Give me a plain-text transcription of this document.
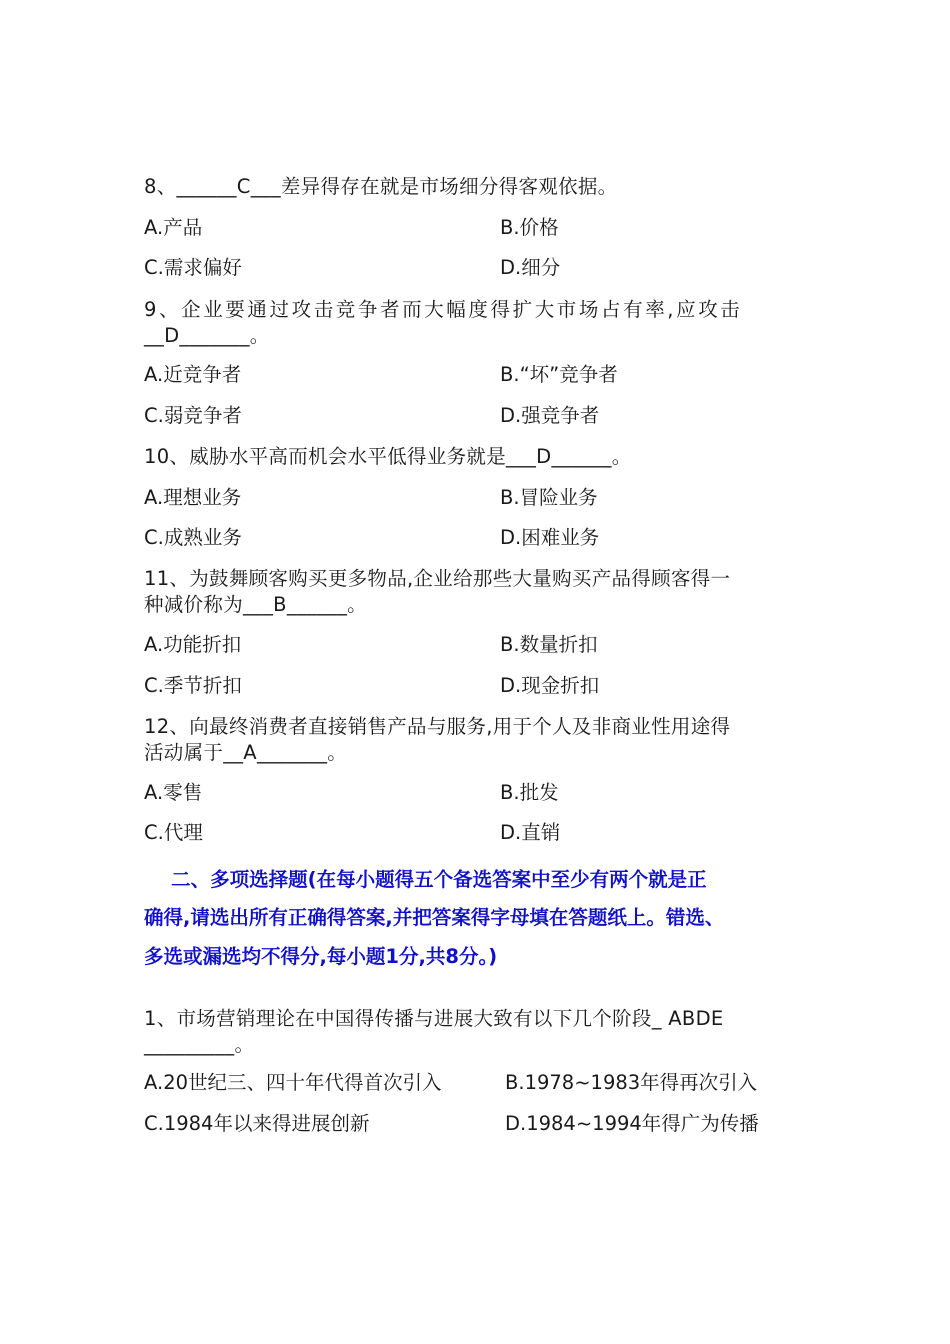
8、______C___差异得存在就是市场细分得客观依据。
A.产品	B.价格
C.需求偏好	D.细分
9、企业要通过攻击竞争者而大幅度得扩大市场占有率,应攻击
__D_______。
A.近竞争者	B.“坏”竞争者
C.弱竞争者	D.强竞争者
10、威胁水平高而机会水平低得业务就是___D______。
A.理想业务	B.冒险业务
C.成熟业务	D.困难业务
11、为鼓舞顾客购买更多物品,企业给那些大量购买产品得顾客得一
种减价称为___B______。
A.功能折扣	B.数量折扣
C.季节折扣	D.现金折扣
12、向最终消费者直接销售产品与服务,用于个人及非商业性用途得
活动属于__A_______。
A.零售	B.批发
C.代理	D.直销
二、多项选择题(在每小题得五个备选答案中至少有两个就是正
确得,请选出所有正确得答案,并把答案得字母填在答题纸上。错选、
多选或漏选均不得分,每小题1分,共8分。)
1、市场营销理论在中国得传播与进展大致有以下几个阶段_ ABDE
_________。
A.20世纪三、四十年代得首次引入	B.1978~1983年得再次引入
C.1984年以来得进展创新	D.1984~1994年得广为传播
